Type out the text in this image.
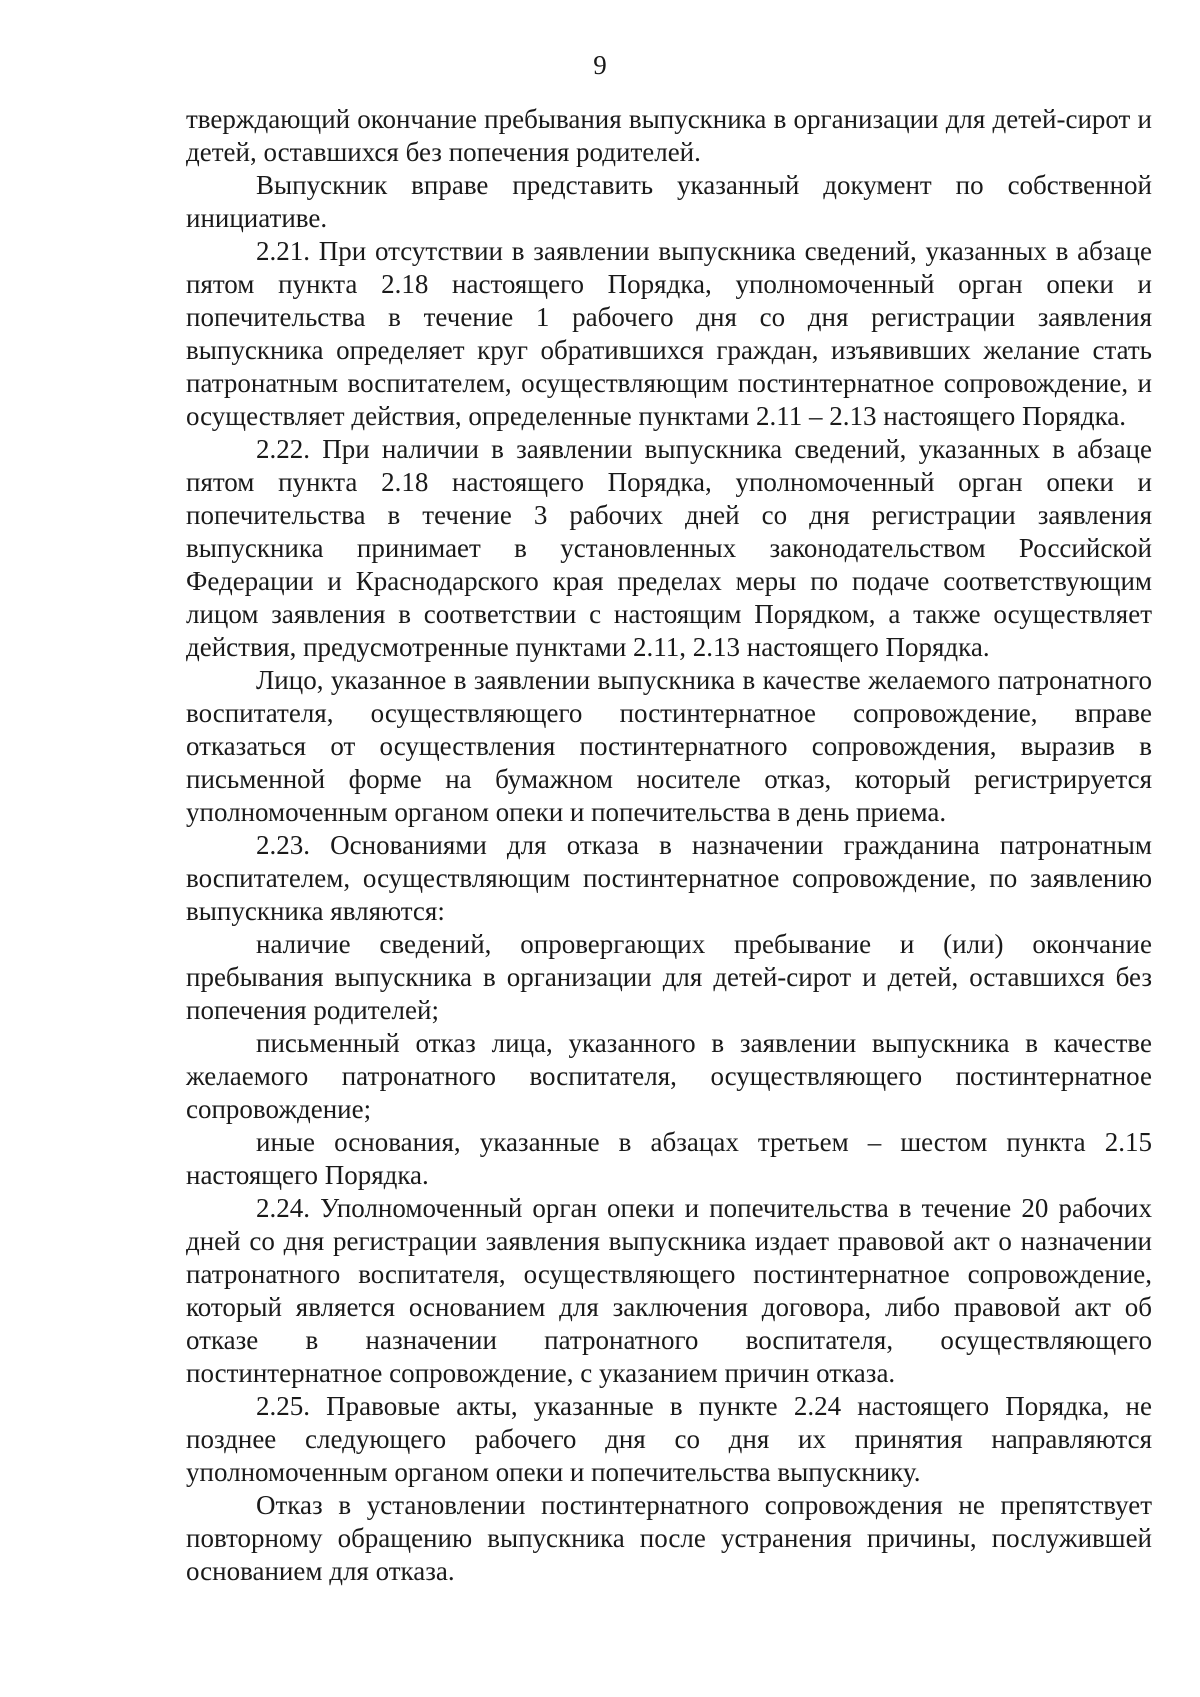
9

тверждающий окончание пребывания выпускника в организации для детей-сирот и детей, оставшихся без попечения родителей.

Выпускник вправе представить указанный документ по собственной инициативе.

2.21. При отсутствии в заявлении выпускника сведений, указанных в абзаце пятом пункта 2.18 настоящего Порядка, уполномоченный орган опеки и попечительства в течение 1 рабочего дня со дня регистрации заявления выпускника определяет круг обратившихся граждан, изъявивших желание стать патронатным воспитателем, осуществляющим постинтернатное сопровождение, и осуществляет действия, определенные пунктами 2.11 – 2.13 настоящего Порядка.

2.22. При наличии в заявлении выпускника сведений, указанных в абзаце пятом пункта 2.18 настоящего Порядка, уполномоченный орган опеки и попечительства в течение 3 рабочих дней со дня регистрации заявления выпускника принимает в установленных законодательством Российской Федерации и Краснодарского края пределах меры по подаче соответствующим лицом заявления в соответствии с настоящим Порядком, а также осуществляет действия, предусмотренные пунктами 2.11, 2.13 настоящего Порядка.

Лицо, указанное в заявлении выпускника в качестве желаемого патронатного воспитателя, осуществляющего постинтернатное сопровождение, вправе отказаться от осуществления постинтернатного сопровождения, выразив в письменной форме на бумажном носителе отказ, который регистрируется уполномоченным органом опеки и попечительства в день приема.

2.23. Основаниями для отказа в назначении гражданина патронатным воспитателем, осуществляющим постинтернатное сопровождение, по заявлению выпускника являются:

наличие сведений, опровергающих пребывание и (или) окончание пребывания выпускника в организации для детей-сирот и детей, оставшихся без попечения родителей;

письменный отказ лица, указанного в заявлении выпускника в качестве желаемого патронатного воспитателя, осуществляющего постинтернатное сопровождение;

иные основания, указанные в абзацах третьем – шестом пункта 2.15 настоящего Порядка.

2.24. Уполномоченный орган опеки и попечительства в течение 20 рабочих дней со дня регистрации заявления выпускника издает правовой акт о назначении патронатного воспитателя, осуществляющего постинтернатное сопровождение, который является основанием для заключения договора, либо правовой акт об отказе в назначении патронатного воспитателя, осуществляющего постинтернатное сопровождение, с указанием причин отказа.

2.25. Правовые акты, указанные в пункте 2.24 настоящего Порядка, не позднее следующего рабочего дня со дня их принятия направляются уполномоченным органом опеки и попечительства выпускнику.

Отказ в установлении постинтернатного сопровождения не препятствует повторному обращению выпускника после устранения причины, послужившей основанием для отказа.
